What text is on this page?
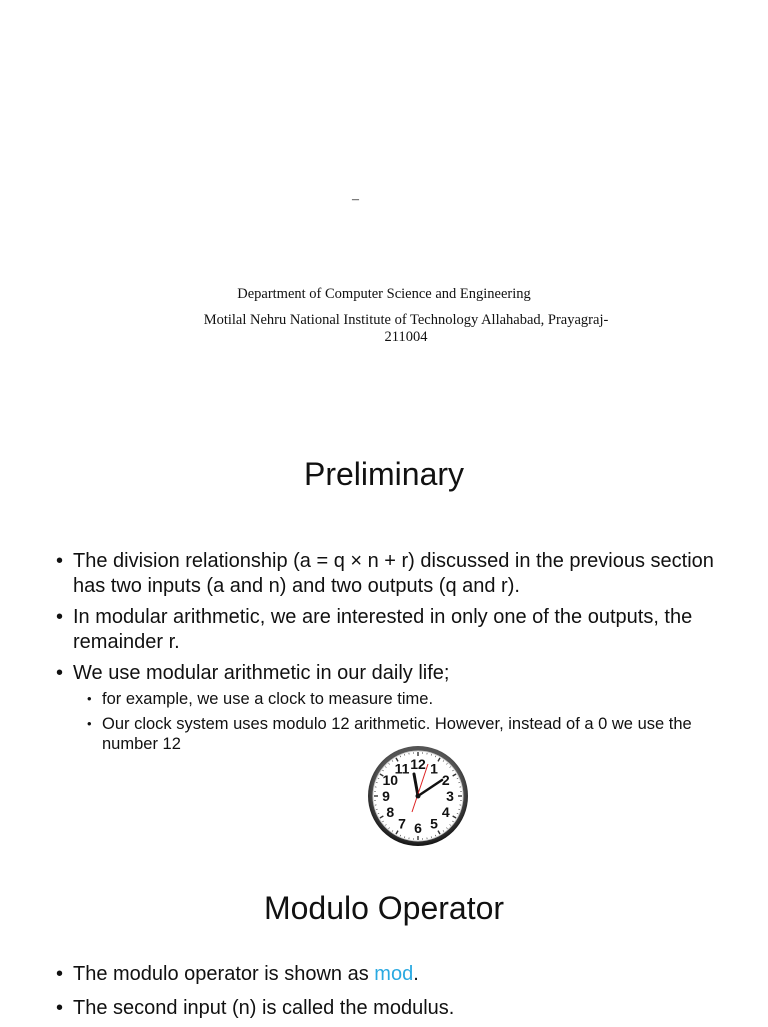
–
Department of Computer Science and Engineering
Motilal Nehru National Institute of Technology Allahabad, Prayagraj-211004
Preliminary
• The division relationship (a = q × n + r) discussed in the previous section has two inputs (a and n) and two outputs (q and r).
• In modular arithmetic, we are interested in only one of the outputs, the remainder r.
• We use modular arithmetic in our daily life;
• for example, we use a clock to measure time.
• Our clock system uses modulo 12 arithmetic. However, instead of a 0 we use the number 12
12 1
2
3
4
5
6
7
8
9
10
11
Modulo Operator
• The modulo operator is shown as mod.
• The second input (n) is called the modulus.
